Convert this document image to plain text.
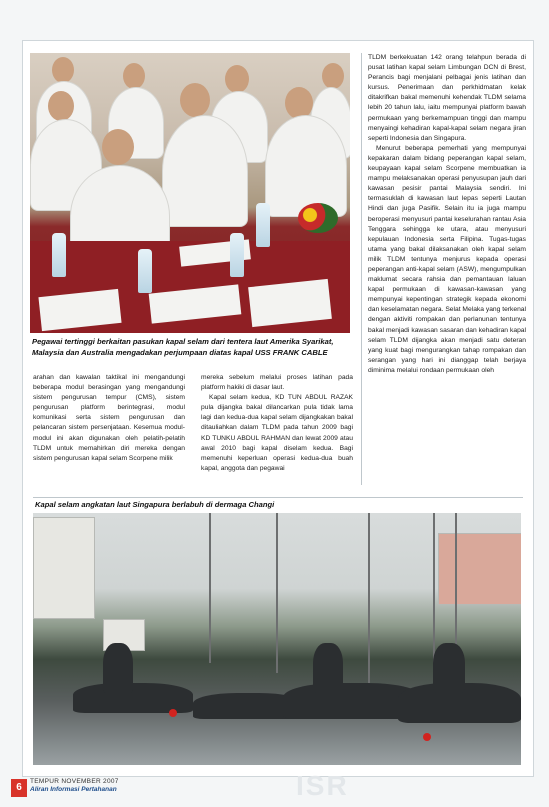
Pegawai tertinggi berkaitan pasukan kapal selam dari tentera laut Amerika Syarikat, Malaysia dan Australia mengadakan perjumpaan diatas kapal USS FRANK CABLE

TLDM berkekuatan 142 orang telahpun berada di pusat latihan kapal selam Limbungan DCN di Brest, Perancis bagi menjalani pelbagai jenis latihan dan kursus. Penerimaan dan perkhidmatan kelak ditakrifkan bakal memenuhi kehendak TLDM selama lebih 20 tahun lalu, iaitu mempunyai platform bawah permukaan yang berkemampuan tinggi dan mampu menyaingi kehadiran kapal-kapal selam negara jiran seperti Indonesia dan Singapura.

Menurut beberapa pemerhati yang mempunyai kepakaran dalam bidang peperangan kapal selam, keupayaan kapal selam Scorpene membuatkan ia mampu melaksanakan operasi penyusupan jauh dari kawasan pesisir pantai Malaysia sendiri. Ini termasuklah di kawasan laut lepas seperti Lautan Hindi dan juga Pasifik. Selain itu ia juga mampu beroperasi menyusuri pantai keselurahan rantau Asia Tenggara sehingga ke utara, atau menyusuri kepulauan Indonesia serta Filipina. Tugas-tugas utama yang bakal dilaksanakan oleh kapal selam milik TLDM tentunya menjurus kepada operasi peperangan anti-kapal selam (ASW), mengumpulkan maklumat secara rahsia dan pemantauan laluan kapal permukaan di kawasan-kawasan yang mempunyai kepentingan strategik kepada ekonomi dan keselamatan negara. Selat Melaka yang terkenal dengan aktiviti rompakan dan perlanunan tentunya bakal menjadi kawasan sasaran dan kehadiran kapal selam TLDM dijangka akan menjadi satu deteran yang kuat bagi mengurangkan tahap rompakan dan serangan yang hari ini dianggap telah berjaya diminima melalui rondaan permukaan oleh

arahan dan kawalan taktikal ini mengandungi beberapa modul berasingan yang mengandungi sistem pengurusan tempur (CMS), sistem pengurusan platform berintegrasi, modul komunikasi serta sistem pengurusan dan pelancaran sistem persenjataan. Kesemua modul-modul ini akan digunakan oleh pelatih-pelatih TLDM untuk memahirkan diri mereka dengan sistem pengurusan kapal selam Scorpene milik

mereka sebelum melalui proses latihan pada platform hakiki di dasar laut.

Kapal selam kedua, KD TUN ABDUL RAZAK pula dijangka bakal dilancarkan pula tidak lama lagi dan kedua-dua kapal selam dijangkakan bakal ditauliahkan dalam TLDM pada tahun 2009 bagi KD TUNKU ABDUL RAHMAN dan lewat 2009 atau awal 2010 bagi kapal diselam kedua. Bagi memenuhi keperluan operasi kedua-dua buah kapal, anggota dan pegawai

Kapal selam angkatan laut Singapura berlabuh di dermaga Changi
ISR
6
TEMPUR NOVEMBER 2007
Aliran Informasi Pertahanan
